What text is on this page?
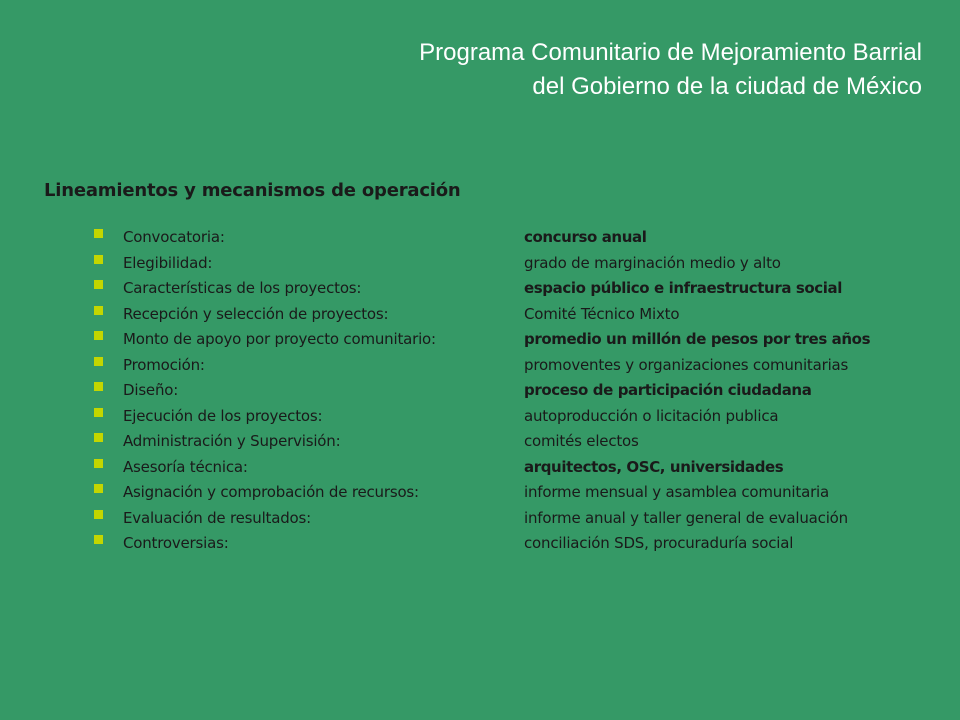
Programa Comunitario de Mejoramiento Barrial
del Gobierno de la ciudad de México
Lineamientos y mecanismos de operación
Convocatoria:	concurso anual
Elegibilidad:	grado de marginación medio y alto
Características de los proyectos:	espacio público e infraestructura social
Recepción y selección de proyectos:	Comité Técnico Mixto
Monto de apoyo por proyecto comunitario:	promedio un millón de pesos por tres años
Promoción:	promoventes y organizaciones comunitarias
Diseño:	proceso de participación ciudadana
Ejecución de los proyectos:	autoproducción o licitación publica
Administración y Supervisión:	comités electos
Asesoría técnica:	arquitectos, OSC, universidades
Asignación y comprobación de recursos:	informe mensual y asamblea comunitaria
Evaluación de resultados:	informe anual y taller general de evaluación
Controversias:	conciliación SDS, procuraduría social
